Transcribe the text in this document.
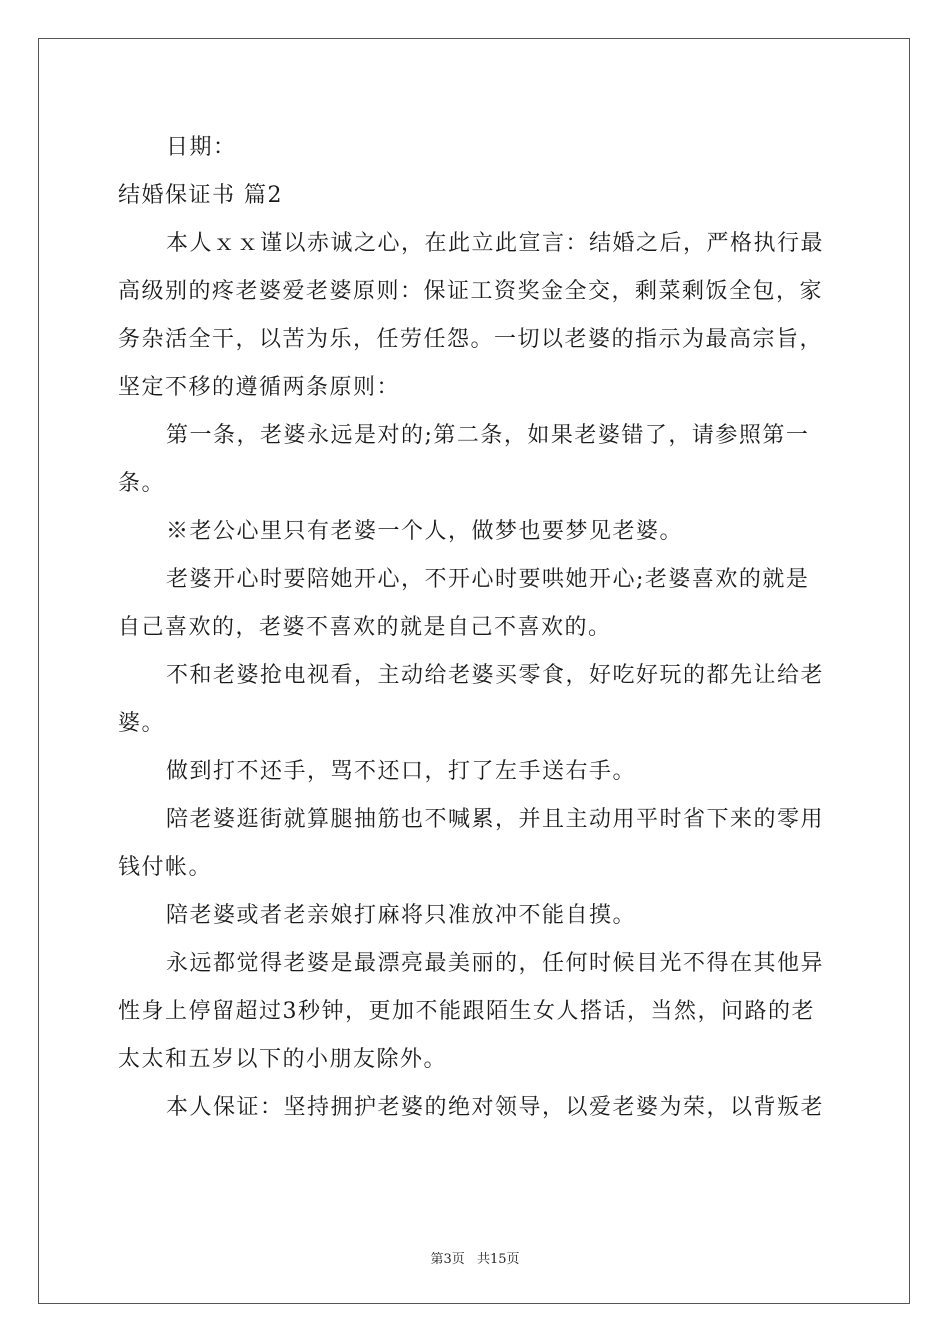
日期：
结婚保证书 篇2
本人ｘｘ谨以赤诚之心，在此立此宣言：结婚之后，严格执行最
高级别的疼老婆爱老婆原则：保证工资奖金全交，剩菜剩饭全包，家
务杂活全干，以苦为乐，任劳任怨。一切以老婆的指示为最高宗旨，
坚定不移的遵循两条原则：
第一条，老婆永远是对的;第二条，如果老婆错了，请参照第一
条。
※老公心里只有老婆一个人，做梦也要梦见老婆。
老婆开心时要陪她开心，不开心时要哄她开心;老婆喜欢的就是
自己喜欢的，老婆不喜欢的就是自己不喜欢的。
不和老婆抢电视看，主动给老婆买零食，好吃好玩的都先让给老
婆。
做到打不还手，骂不还口，打了左手送右手。
陪老婆逛街就算腿抽筋也不喊累，并且主动用平时省下来的零用
钱付帐。
陪老婆或者老亲娘打麻将只准放冲不能自摸。
永远都觉得老婆是最漂亮最美丽的，任何时候目光不得在其他异
性身上停留超过3秒钟，更加不能跟陌生女人搭话，当然，问路的老
太太和五岁以下的小朋友除外。
本人保证：坚持拥护老婆的绝对领导，以爱老婆为荣，以背叛老
第3页 共15页
